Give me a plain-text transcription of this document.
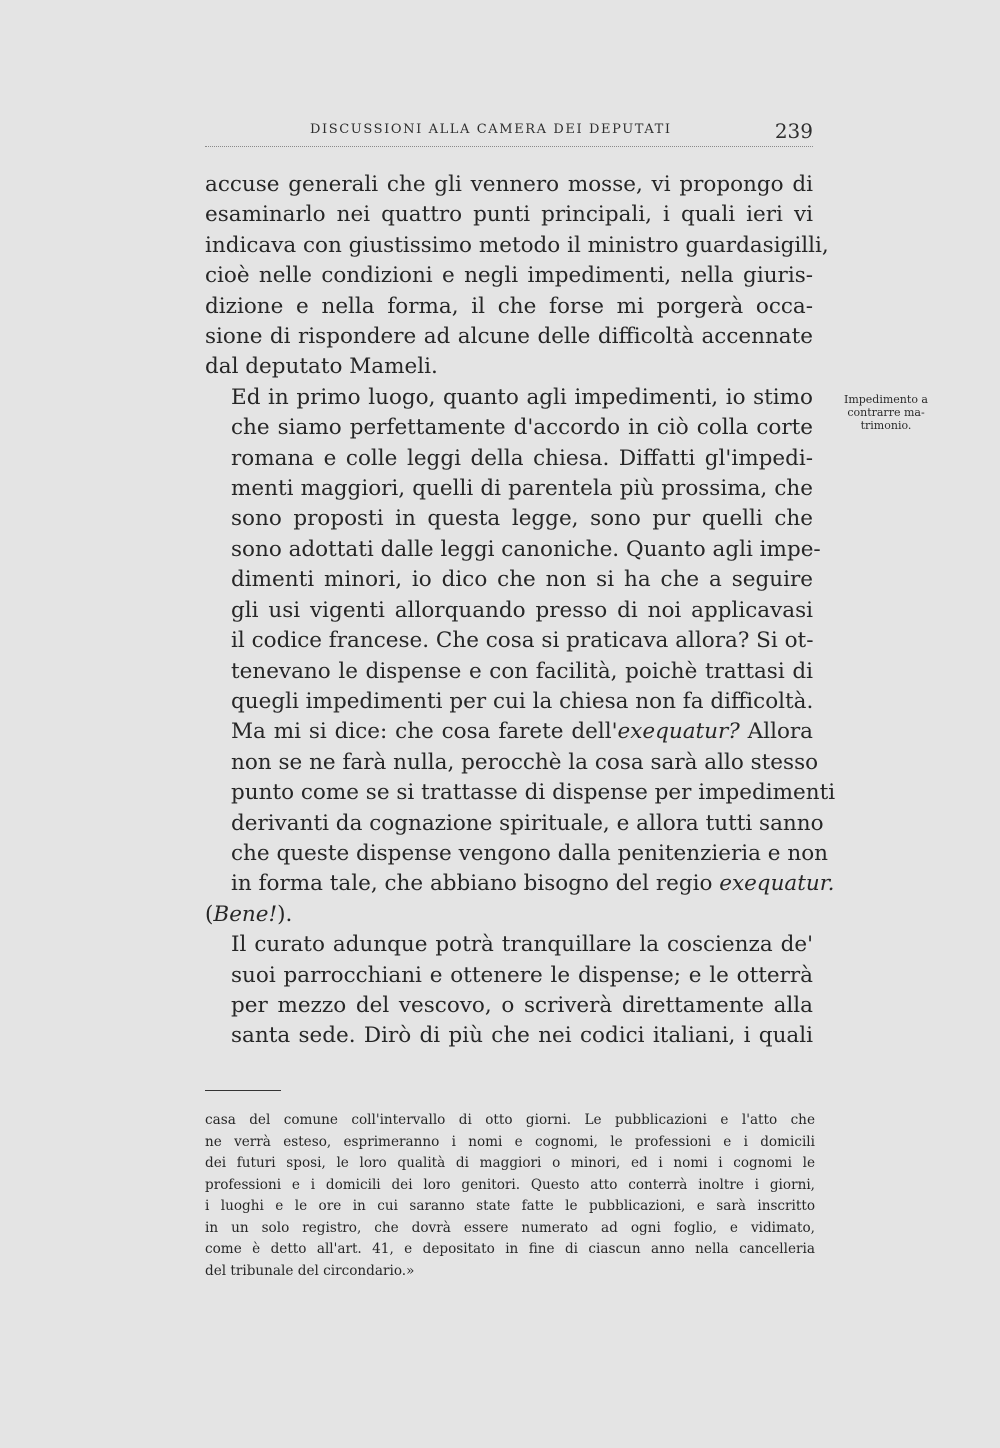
DISCUSSIONI ALLA CAMERA DEI DEPUTATI	239

accuse generali che gli vennero mosse, vi propongo di
esaminarlo nei quattro punti principali, i quali ieri vi
indicava con giustissimo metodo il ministro guardasigilli,
cioè nelle condizioni e negli impedimenti, nella giuris-
dizione e nella forma, il che forse mi porgerà occa-
sione di rispondere ad alcune delle difficoltà accennate
dal deputato Mameli.

Ed in primo luogo, quanto agli impedimenti, io stimo
che siamo perfettamente d'accordo in ciò colla corte
romana e colle leggi della chiesa. Diffatti gl'impedi-
menti maggiori, quelli di parentela più prossima, che
sono proposti in questa legge, sono pur quelli che
sono adottati dalle leggi canoniche. Quanto agli impe-
dimenti minori, io dico che non si ha che a seguire
gli usi vigenti allorquando presso di noi applicavasi
il codice francese. Che cosa si praticava allora? Si ot-
tenevano le dispense e con facilità, poichè trattasi di
quegli impedimenti per cui la chiesa non fa difficoltà.
Ma mi si dice: che cosa farete dell'exequatur? Allora
non se ne farà nulla, perocchè la cosa sarà allo stesso
punto come se si trattasse di dispense per impedimenti
derivanti da cognazione spirituale, e allora tutti sanno
che queste dispense vengono dalla penitenzieria e non
in forma tale, che abbiano bisogno del regio exequatur.
(Bene!).

Il curato adunque potrà tranquillare la coscienza de'
suoi parrocchiani e ottenere le dispense; e le otterrà
per mezzo del vescovo, o scriverà direttamente alla
santa sede. Dirò di più che nei codici italiani, i quali

Impedimento a
contrarre ma-
trimonio.
casa del comune coll'intervallo di otto giorni. Le pubblicazioni e l'atto che
ne verrà esteso, esprimeranno i nomi e cognomi, le professioni e i domicili
dei futuri sposi, le loro qualità di maggiori o minori, ed i nomi i cognomi le
professioni e i domicili dei loro genitori. Questo atto conterrà inoltre i giorni,
i luoghi e le ore in cui saranno state fatte le pubblicazioni, e sarà inscritto
in un solo registro, che dovrà essere numerato ad ogni foglio, e vidimato,
come è detto all'art. 41, e depositato in fine di ciascun anno nella cancelleria
del tribunale del circondario.»
